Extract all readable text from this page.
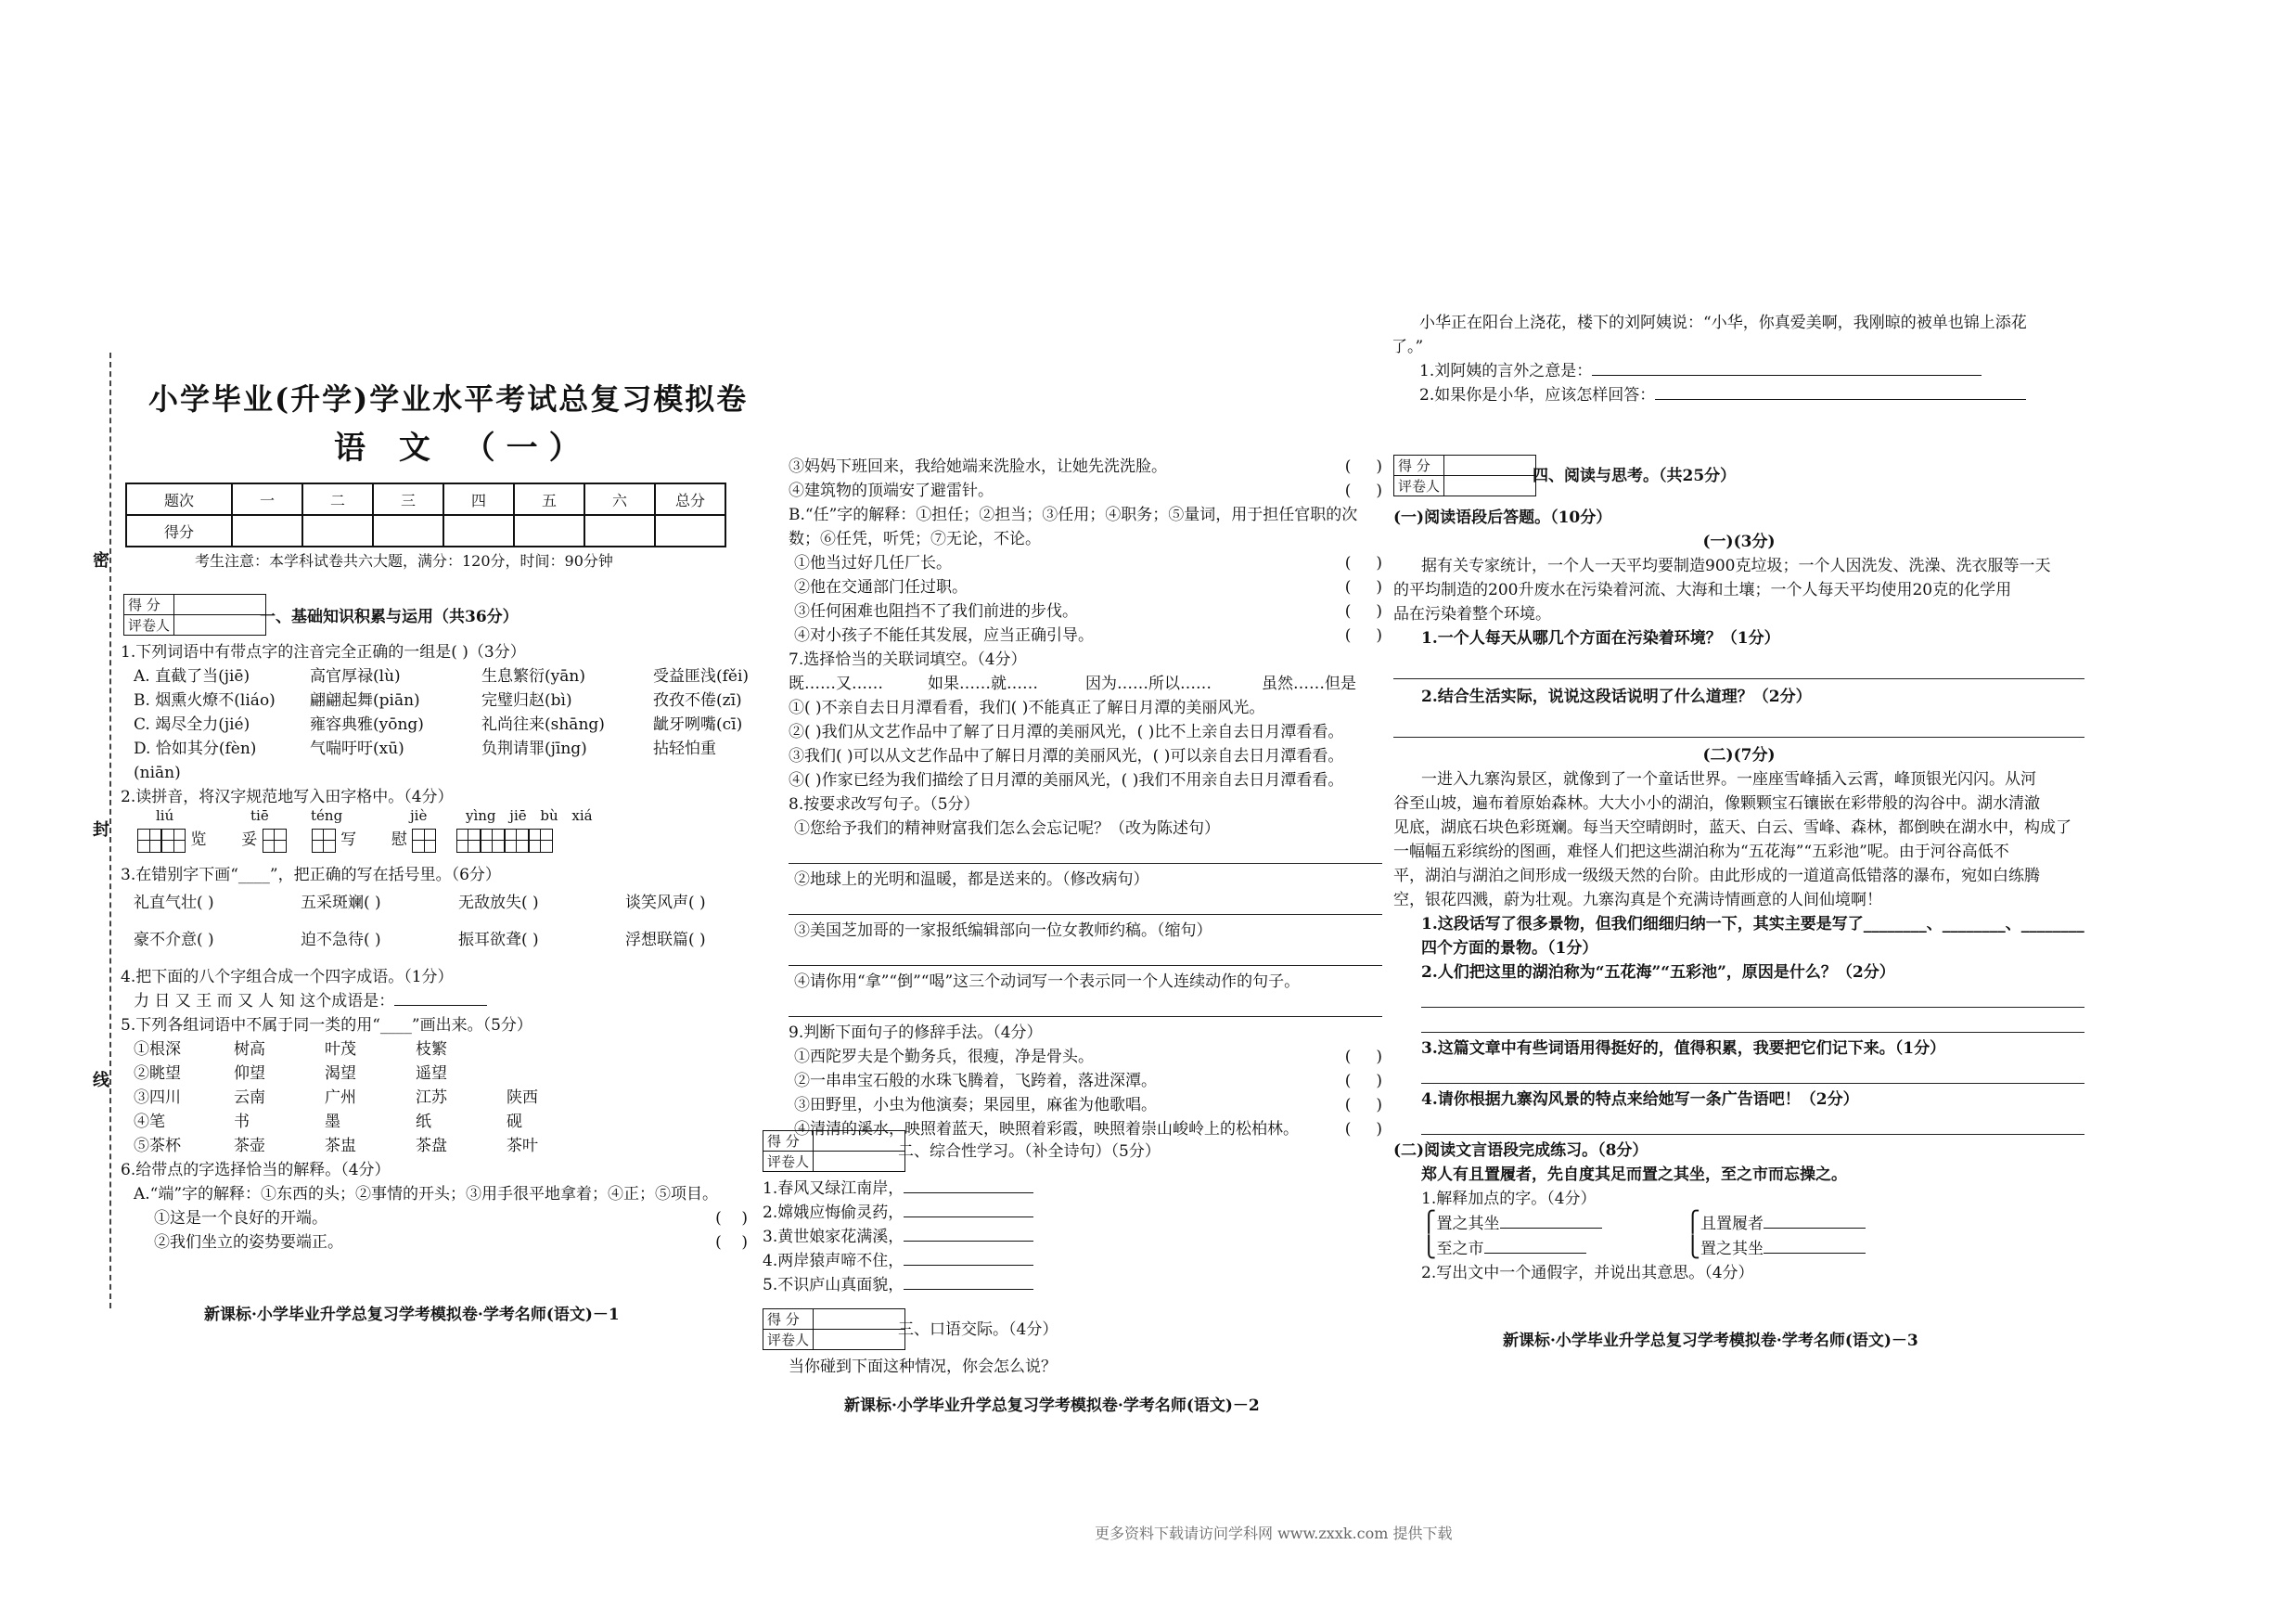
密
封
线
小学毕业(升学)学业水平考试总复习模拟卷
语 文 （一）
题次	一	二	三	四	五	六	总分
得分							
考生注意：本学科试卷共六大题，满分：120分，时间：90分钟
得 分	
评卷人		一、基础知识积累与运用（共36分）

1.下列词语中有带点字的注音完全正确的一组是( )（3分）

A. 直截了当(jiē)	高官厚禄(lù)	生息繁衍(yān)	受益匪浅(fěi)

B. 烟熏火燎不(liáo)	翩翩起舞(piān)	完璧归赵(bì)	孜孜不倦(zī)

C. 竭尽全力(jié)	雍容典雅(yōng)	礼尚往来(shāng)	龇牙咧嘴(cī)

D. 恰如其分(fèn)	气喘吁吁(xū)	负荆请罪(jīng)	拈轻怕重

(niān)

2.读拼音，将汉字规范地写入田字格中。（4分）

liú	tiē	téng	jiè	yìng jiē bù xiá
览 妥	写 慰

3.在错别字下画“____”，把正确的写在括号里。（6分）

礼直气壮( )	五采斑斓( )	无敌放失( )	谈笑风声( )

豪不介意( )	迫不急待( )	振耳欲聋( )	浮想联篇( )

4.把下面的八个字组合成一个四字成语。（1分）

力 日 又 王 而 又 人 知 这个成语是：

5.下列各组词语中不属于同一类的用“____”画出来。（5分）

①根深	树高	叶茂	枝繁

②眺望	仰望	渴望	遥望

③四川	云南	广州	江苏	陕西

④笔	书	墨	纸	砚

⑤茶杯	茶壶	茶盅	茶盘	茶叶

6.给带点的字选择恰当的解释。（4分）

A.“端”字的解释：①东西的头；②事情的开头；③用手很平地拿着；④正；⑤项目。

①这是一个良好的开端。	(    )

②我们坐立的姿势要端正。	(    )

新课标·小学毕业升学总复习学考模拟卷·学考名师(语文)－1

③妈妈下班回来，我给她端来洗脸水，让她先洗洗脸。	(     )

④建筑物的顶端安了避雷针。	(     )

B.“任”字的解释：①担任；②担当；③任用；④职务；⑤量词，用于担任官职的次数；⑥任凭，听凭；⑦无论，不论。

①他当过好几任厂长。	(     )

②他在交通部门任过职。	(     )

③任何困难也阻挡不了我们前进的步伐。	(     )

④对小孩子不能任其发展，应当正确引导。	(     )

7.选择恰当的关联词填空。（4分）

既……又……	如果……就……	因为……所以……	虽然……但是

①( )不亲自去日月潭看看，我们( )不能真正了解日月潭的美丽风光。

②( )我们从文艺作品中了解了日月潭的美丽风光，( )比不上亲自去日月潭看看。

③我们( )可以从文艺作品中了解日月潭的美丽风光，( )可以亲自去日月潭看看。

④( )作家已经为我们描绘了日月潭的美丽风光，( )我们不用亲自去日月潭看看。

8.按要求改写句子。（5分）

①您给予我们的精神财富我们怎么会忘记呢？（改为陈述句）

②地球上的光明和温暖，都是送来的。（修改病句）

③美国芝加哥的一家报纸编辑部向一位女教师约稿。（缩句）

④请你用“拿”“倒”“喝”这三个动词写一个表示同一个人连续动作的句子。

9.判断下面句子的修辞手法。（4分）

①西陀罗夫是个勤务兵，很瘦，净是骨头。	(     )

②一串串宝石般的水珠飞腾着，飞跨着，落进深潭。	(     )

③田野里，小虫为他演奏；果园里，麻雀为他歌唱。	(     )

④清清的溪水，映照着蓝天，映照着彩霞，映照着崇山峻岭上的松柏林。	(     )

得 分	
评卷人	
二、综合性学习。（补全诗句）（5分）

1.春风又绿江南岸，

2.嫦娥应悔偷灵药，

3.黄世娘家花满溪，

4.两岸猿声啼不住，

5.不识庐山真面貌，

得 分	
评卷人	
三、口语交际。（4分）
当你碰到下面这种情况，你会怎么说？
新课标·小学毕业升学总复习学考模拟卷·学考名师(语文)－2

小华正在阳台上浇花，楼下的刘阿姨说：“小华，你真爱美啊，我刚晾的被单也锦上添花

了。”

1.刘阿姨的言外之意是：

2.如果你是小华，应该怎样回答：

得 分	
评卷人	
四、阅读与思考。（共25分）

(一)阅读语段后答题。（10分）

(一)(3分)

据有关专家统计，一个人一天平均要制造900克垃圾；一个人因洗发、洗澡、洗衣服等一天

的平均制造的200升废水在污染着河流、大海和土壤；一个人每天平均使用20克的化学用

品在污染着整个环境。

1.一个人每天从哪几个方面在污染着环境？（1分）

2.结合生活实际，说说这段话说明了什么道理？（2分）

(二)(7分)

一进入九寨沟景区，就像到了一个童话世界。一座座雪峰插入云霄，峰顶银光闪闪。从河

谷至山坡，遍布着原始森林。大大小小的湖泊，像颗颗宝石镶嵌在彩带般的沟谷中。湖水清澈

见底，湖底石块色彩斑斓。每当天空晴朗时，蓝天、白云、雪峰、森林，都倒映在湖水中，构成了

一幅幅五彩缤纷的图画，难怪人们把这些湖泊称为“五花海”“五彩池”呢。由于河谷高低不

平，湖泊与湖泊之间形成一级级天然的台阶。由此形成的一道道高低错落的瀑布，宛如白练腾

空，银花四溅，蔚为壮观。九寨沟真是个充满诗情画意的人间仙境啊！

1.这段话写了很多景物，但我们细细归纳一下，其实主要是写了________、________、________四个方面的景物。（1分）

2.人们把这里的湖泊称为“五花海”“五彩池”，原因是什么？（2分）

3.这篇文章中有些词语用得挺好的，值得积累，我要把它们记下来。（1分）

4.请你根据九寨沟风景的特点来给她写一条广告语吧！（2分）

(二)阅读文言语段完成练习。（8分）

郑人有且置履者，先自度其足而置之其坐，至之市而忘操之。

1.解释加点的字。（4分）

⎧置之其坐

⎩至之市

⎧且置履者

⎩置之其坐

2.写出文中一个通假字，并说出其意思。（4分）

新课标·小学毕业升学总复习学考模拟卷·学考名师(语文)－3
更多资料下载请访问学科网 www.zxxk.com 提供下载
